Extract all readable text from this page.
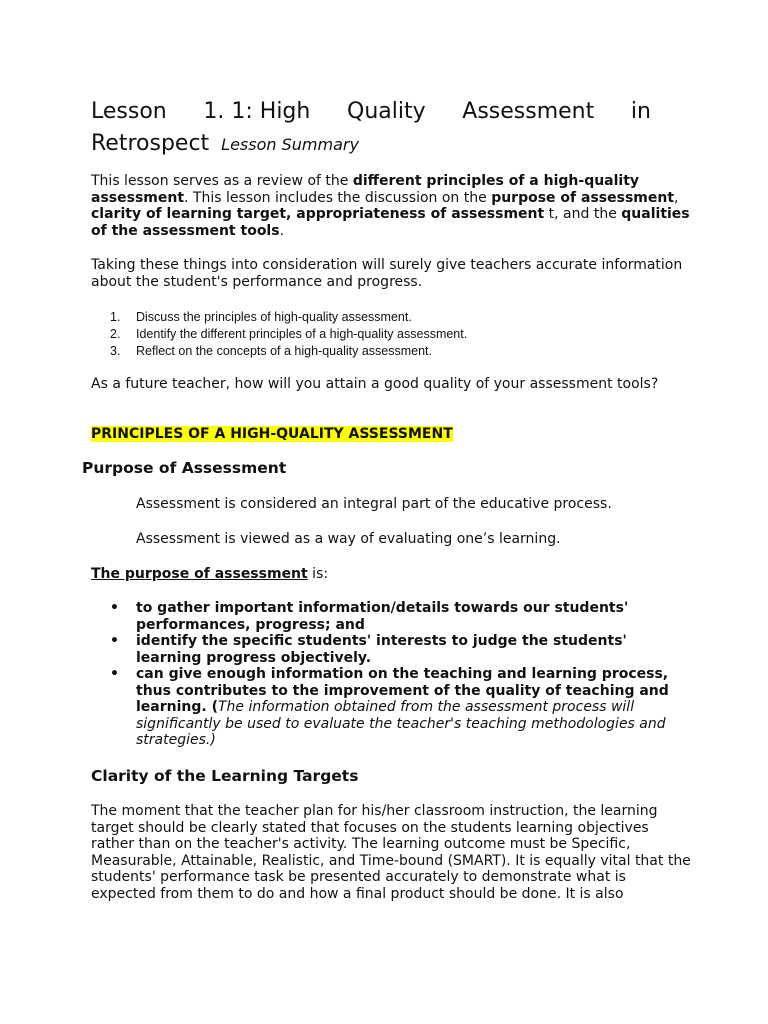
Lesson 1. 1: High Quality Assessment in
Retrospect Lesson Summary
This lesson serves as a review of the different principles of a high-quality assessment. This lesson includes the discussion on the purpose of assessment, clarity of learning target, appropriateness of assessment t, and the qualities of the assessment tools.
Taking these things into consideration will surely give teachers accurate information about the student's performance and progress.
1.	Discuss the principles of high-quality assessment.
2.	Identify the different principles of a high-quality assessment.
3.	Reflect on the concepts of a high-quality assessment.
As a future teacher, how will you attain a good quality of your assessment tools?
PRINCIPLES OF A HIGH-QUALITY ASSESSMENT
Purpose of Assessment
Assessment is considered an integral part of the educative process.
Assessment is viewed as a way of evaluating one’s learning.
The purpose of assessment is:
•	to gather important information/details towards our students' performances, progress; and
•	identify the specific students' interests to judge the students' learning progress objectively.
•	can give enough information on the teaching and learning process, thus contributes to the improvement of the quality of teaching and learning. (The information obtained from the assessment process will significantly be used to evaluate the teacher's teaching methodologies and strategies.)
Clarity of the Learning Targets
The moment that the teacher plan for his/her classroom instruction, the learning target should be clearly stated that focuses on the students learning objectives rather than on the teacher's activity. The learning outcome must be Specific, Measurable, Attainable, Realistic, and Time-bound (SMART). It is equally vital that the students' performance task be presented accurately to demonstrate what is expected from them to do and how a final product should be done. It is also
